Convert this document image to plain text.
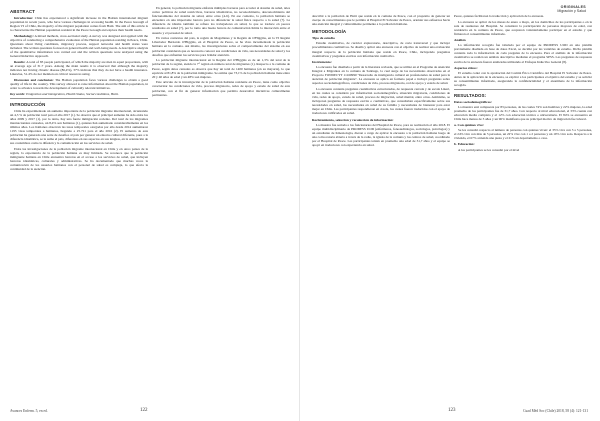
ABSTRACT

Introduction: Chile has experienced a significant increase in the Haitian international migrant population in recent years, who have various challenges in accessing health. In the Peace borough of Region VI of Chile, the majority of the migrant population comes from Haiti. The aim of this article is to characterize the Haitian population resident in the Peace borough and explore their health needs.

Methodology: A mixed methods, cross-sectional study. A survey was designed and applied with the objective of conducting a comprehensive evaluation of the Haitian population residing in Peace, Chile. Questions about living conditions, migratory process, support networks and health status were included. The written questions focused on general health and well-being needs. A descriptive analysis of the quantitative information was carried out and the written questions were analyzed using the General Inductive Approach.

Results: A total of 83 people participated, of which the majority are men in equal proportions, with an average age of 31.7 years. Among the main results it is observed that although the majority indicates not having chronic disease (86,4%), 37% indicate that they do not have a health insurance. Likewise, 51.4% do not mention on critical resources using.

Discussion and conclusion: The Haitian population faces various challenges to obtain a good quality of life in the country. This survey allowed to raise information about the Haitian population, in order to advance towards the development of culturally relevant initiatives.

Key words: Emigration and immigration, Health Status, Social conditions, Haiti.

INTRODUCCIÓN

Chile ha experimentado un aumento importante de la población migrante internacional, alcanzando un 4,3 % de población total para el año 2017 (1). Se observa que el principal aumento ha sido entre los años 2009 y 2017 (1), por lo tanto, hay una fuerte inmigración reciente. Del total de los migrantes internacionales censados, un 8,4% son haitianos (1), quienes han aumentado considerablemente en los últimos años. Los haitianos observan las tasas temporales otorgadas por año desde 2014 aumentaron 1195 visas temporales a haitianos, llegando a 25.721 para el año 2016 (2). El aumento de esta población ha generado una serie de desafíos al país por generar un entorno cultural diferente, pues a la diferencia idiomática, se le suma el país, diferentes en sus aspectos en sus lenguas, en la orientación de sus costumbres como la difusión y la comunicación en los servicios de salud.

Entre las investigaciones de la población migrante internacional en Chile y en otros países de la región, la experiencia de la población haitiana es muy limitada. Se reconoce que la población inmigrante haitiana en Chile encuentra barreras en el acceso a los servicios de salud, que incluyen barreras idiomáticas, culturales y administrativas. Se ha documentado que muchas veces la comunicación de los usuarios haitianos con el personal de salud es compleja, lo que afecta la continuidad de la atención.

En general, la población migrante enfrenta múltiples barreras para acceder al sistema de salud, tales como: políticas de salud restrictivas, barreras idiomáticas, no reconocimiento, desconocimiento del funcionamiento del sistema de salud, entre otras (4-6). En ese contexto, la población haitiana se encuentra en una importante barrera para no diferenciar la salud física respecto a la salud (7). La diferencia de idioma también se refiere los trabajadores en salud, lo que se traduce en peores resultados en salud (7), por lo tanto una buena barrera de comunicación limita la interacción entre el usuario y el personal de salud.

En varios contextos del país, la región de Magallanes y la Región de O'Higgins, en la VI Región Libertador Bernardo O'Higgins, en el Hospital de Peace, se ha visto incrementada la población haitiana en la comuna. Así mismo, las investigaciones sobre el comportamiento del sistema en esa población consideran que es necesario conocer sus condiciones de vida, sus necesidades de salud y los desafíos que enfrentan los servicios para brindar atención.

La población migrante internacional en la Región del O'Higgins es de un 1,3% del total de la población de la región, siendo la 7° región en número total de migrantes (1). Respecto a la comuna de Peace, según datos censales es observa que hay un total de 1400 haitianos (en su mayoría), lo que equivale al 81,8% de la población inmigrante. Se estima que 73,1% de la población haitiana tiene entre 20 y 40 años de edad y un 48% son mujeres.

Este artículo de la investigación de la población haitiana residente en Peace, tiene como objetivo caracterizar las condiciones de vida, proceso migratorio, redes de apoyo y estado de salud de esta población, con el fin de generar información que permita desarrollar iniciativas culturalmente pertinentes.

Avances Enferm. 5, en ed.	122
ORIGINALES
Migración y Salud

describir a la población de Haití que reside en la comuna de Peace, con el propósito de generar un cuerpo de conocimientos que le permita al Hospital El Salvador de Peace, orientar sus esfuerzos hacia una atención integral y culturalmente pertinente a la población haitiana.

METODOLOGÍA
Tipo de estudio

Estudio cuantitativo, de carácter exploratorio, descriptivo, de corte transversal y que incluyó procedimientos cualitativos. Se diseñó y aplicó una encuesta con el objetivo de realizar una evaluación integral respecto de la población haitiana que reside en Peace, Chile, incluyendo preguntas cuantitativas y preguntas escritas con información cualitativa.

Instrumento:

La encuesta fue diseñada a partir de la literatura revisada, que se utilizó en el Programa de Atención Integral a Migrantes en la comuna de Santiago, la cual surge de las necesidades observadas en el Proyecto FONDECYT 11160990 "Desarrollo de inteligencia cultural en profesionales de salud para la atención de población migrante". La encuesta se aplicó en formato papel e incluyó preguntas sobre aspectos sociodemográficos, condiciones de vida, proceso migratorio, red de apoyo y estado de salud.

La encuesta contenía preguntas cuantitativas estructuradas, de respuesta cerrada y de escala Likert, en las cuales se consideró por información sociodemográfica, situación migratoria, condiciones de vida, redes de apoyo, estado de salud, proceso de migración, salud mental, entre otros. Asimismo, se incluyeron preguntas de respuesta escrita o cualitativas, que consultaban específicamente sobre sus necesidades en salud, las necesidades en salud de su familia y necesidades de bienestar para estar mejor en Chile. Las participantes respondieron en creole, los cuales fueron traducidos con el apoyo de traductores calificados en salud.

Reclutamiento, selección y recolección de información:

La muestra fue seriada a los funcionarios del Hospital de Peace, para su realización el año 2018. El equipo multidisciplinario de PRODESS UOD (enfermeros, fonoaudiólogos, sociólogos, psicólogos) y un estudiante de Kinesiología, dieron a cargo de aplicar la encuesta a la población haitiana luego de una convocatoria abierta a través de la radio, la iglesia de la comuna y los centros de salud, coordinado por el Hospital de Peace. Las participantes tenían en promedio una edad de 31,7 años y el equipo se apoyó en traductores con experiencia en salud.

Peace, quienes facilitaron la traducción y aplicación de la encuesta.

La encuesta se aplicó de los meses de enero a mayo, en los domicilios de los participantes o en la sala de reuniones del Hospital. Se consideró la participación de personas mayores de edad, con residencia en la comuna de Peace, que aceptaron voluntariamente participar en el estudio y que firmaron el consentimiento informado.

Análisis

La información recogida fue tabulada por el equipo de PRODESS UOD en una planilla previamente diseñada en base de datos Excel, se decidió por las variables de estudio. Dicha planilla contenía toda la información de cada pregunta de la encuesta. Para el análisis de la información cuantitativa se realizó un análisis descriptivo mediante el programa SPSS. Las preguntas de respuesta escrita de la encuesta fueron analizadas utilizando el Enfoque Inductivo General (8).

Aspectos éticos:

El estudio contó con la aprobación del Comité Ético Científico del Hospital El Salvador de Peace. Antes de la aplicación de la encuesta, se explicó a los participantes el objetivo del estudio y se solicitó su consentimiento informado, asegurando la confidencialidad y el anonimato de la información recogida.

RESULTADOS:
Datos sociodemográficos:

La muestra está compuesta por 83 personas, de las cuales 74% son hombres y 22% mujeres, la edad promedio de los participantes fue de 31,7 años. Con respecto al nivel educacional, el 33% cuenta con educación media completa y el 12% con educación técnica o universitaria. El 84% se encuentra en Chile hace menos de 3 años y un 96% manifiesta que su principal motivo de migración fue laboral.

a. Con quiénes vive:

Se les consultó respecto al número de personas con quienes viven: el 35% vive con 3 a 5 personas, el 24% vive con más de 5 personas, un 22% vive con 1 o 2 personas y un 19% vive solo. Respecto a la vivienda, el 67% arrienda una pieza y el 21% un departamento o casa.

b. Educación:

A los participantes se les consultó por el nivel

123	Cuad Méd Soc (Chile) 2018, 58 (4): 121-131
